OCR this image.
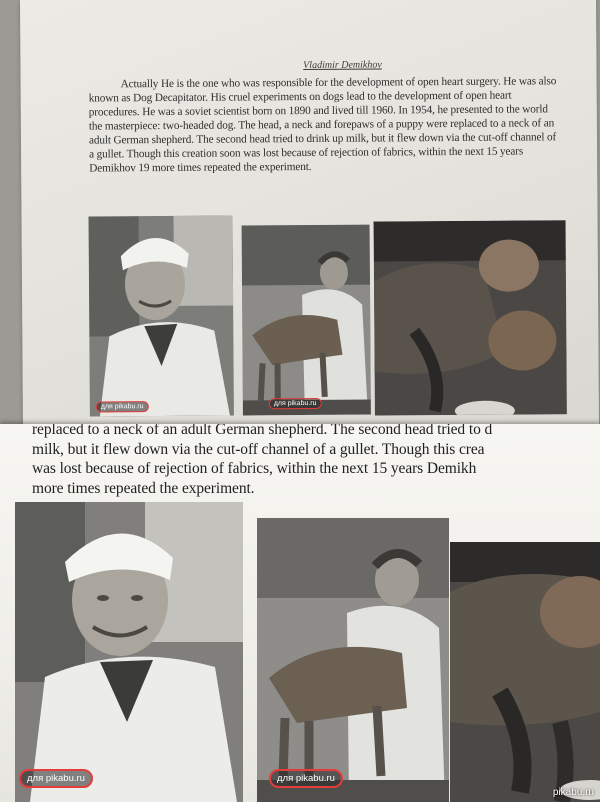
Vladimir Demikhov

Actually He is the one who was responsible for the development of open heart surgery. He was also known as Dog Decapitator. His cruel experiments on dogs lead to the development of open heart procedures. He was a soviet scientist born on 1890 and lived till 1960. In 1954, he presented to the world the masterpiece: two-headed dog. The head, a neck and forepaws of a puppy were replaced to a neck of an adult German shepherd. The second head tried to drink up milk, but it flew down via the cut-off channel of a gullet. Though this creation soon was lost because of rejection of fabrics, within the next 15 years Demikhov 19 more times repeated the experiment.

для pikabu.ru	для pikabu.ru

replaced to a neck of an adult German shepherd. The second head tried to d
milk, but it flew down via the cut-off channel of a gullet. Though this crea
was lost because of rejection of fabrics, within the next 15 years Demikh
more times repeated the experiment.

для pikabu.ru	для pikabu.ru
pikabu.ru
